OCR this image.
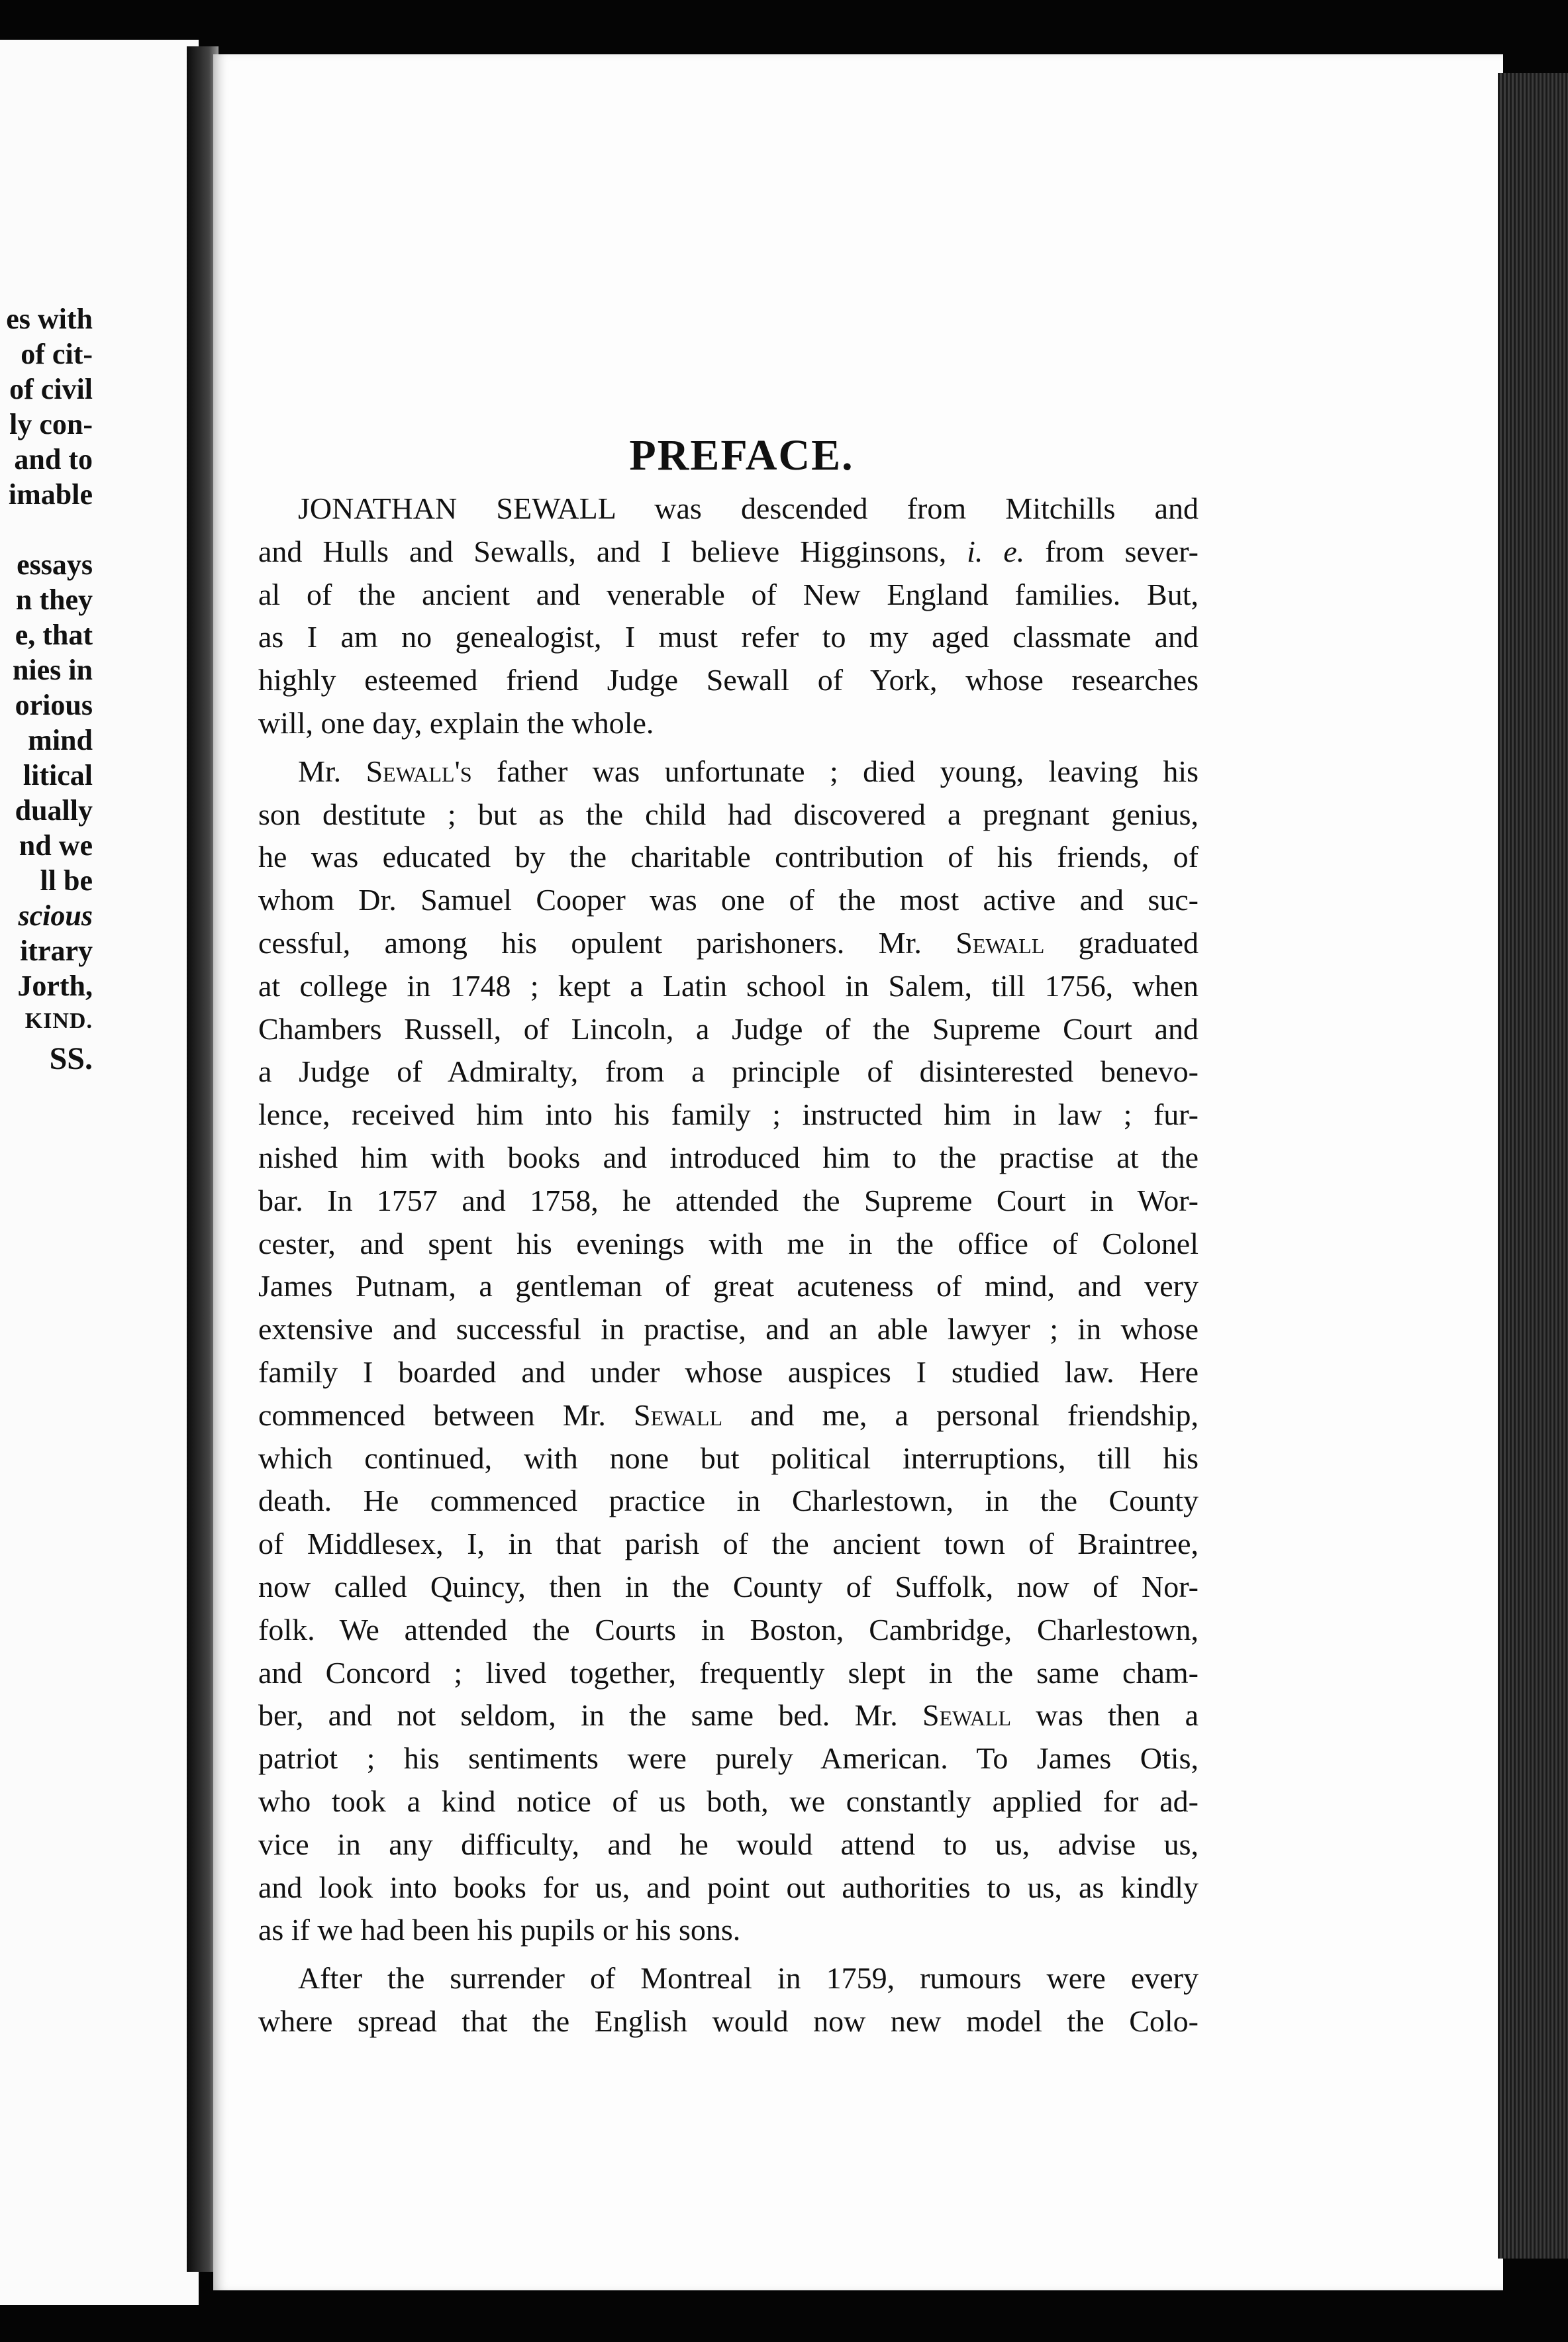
es with
of cit-
of civil
ly con-
and to
imable

essays
n they
e, that
nies in
orious
mind
litical
dually
nd we
ll be
scious
itrary
Jorth,
KIND.
SS.
PREFACE.

JONATHAN SEWALL was descended from Mitchills and
and Hulls and Sewalls, and I believe Higginsons, i. e. from sever-
al of the ancient and venerable of New England families. But,
as I am no genealogist, I must refer to my aged classmate and
highly esteemed friend Judge Sewall of York, whose researches
will, one day, explain the whole.

Mr. Sewall's father was unfortunate ; died young, leaving his
son destitute ; but as the child had discovered a pregnant genius,
he was educated by the charitable contribution of his friends, of
whom Dr. Samuel Cooper was one of the most active and suc-
cessful, among his opulent parishoners. Mr. Sewall graduated
at college in 1748 ; kept a Latin school in Salem, till 1756, when
Chambers Russell, of Lincoln, a Judge of the Supreme Court and
a Judge of Admiralty, from a principle of disinterested benevo-
lence, received him into his family ; instructed him in law ; fur-
nished him with books and introduced him to the practise at the
bar. In 1757 and 1758, he attended the Supreme Court in Wor-
cester, and spent his evenings with me in the office of Colonel
James Putnam, a gentleman of great acuteness of mind, and very
extensive and successful in practise, and an able lawyer ; in whose
family I boarded and under whose auspices I studied law. Here
commenced between Mr. Sewall and me, a personal friendship,
which continued, with none but political interruptions, till his
death. He commenced practice in Charlestown, in the County
of Middlesex, I, in that parish of the ancient town of Braintree,
now called Quincy, then in the County of Suffolk, now of Nor-
folk. We attended the Courts in Boston, Cambridge, Charlestown,
and Concord ; lived together, frequently slept in the same cham-
ber, and not seldom, in the same bed. Mr. Sewall was then a
patriot ; his sentiments were purely American. To James Otis,
who took a kind notice of us both, we constantly applied for ad-
vice in any difficulty, and he would attend to us, advise us,
and look into books for us, and point out authorities to us, as kindly
as if we had been his pupils or his sons.

After the surrender of Montreal in 1759, rumours were every
where spread that the English would now new model the Colo-
